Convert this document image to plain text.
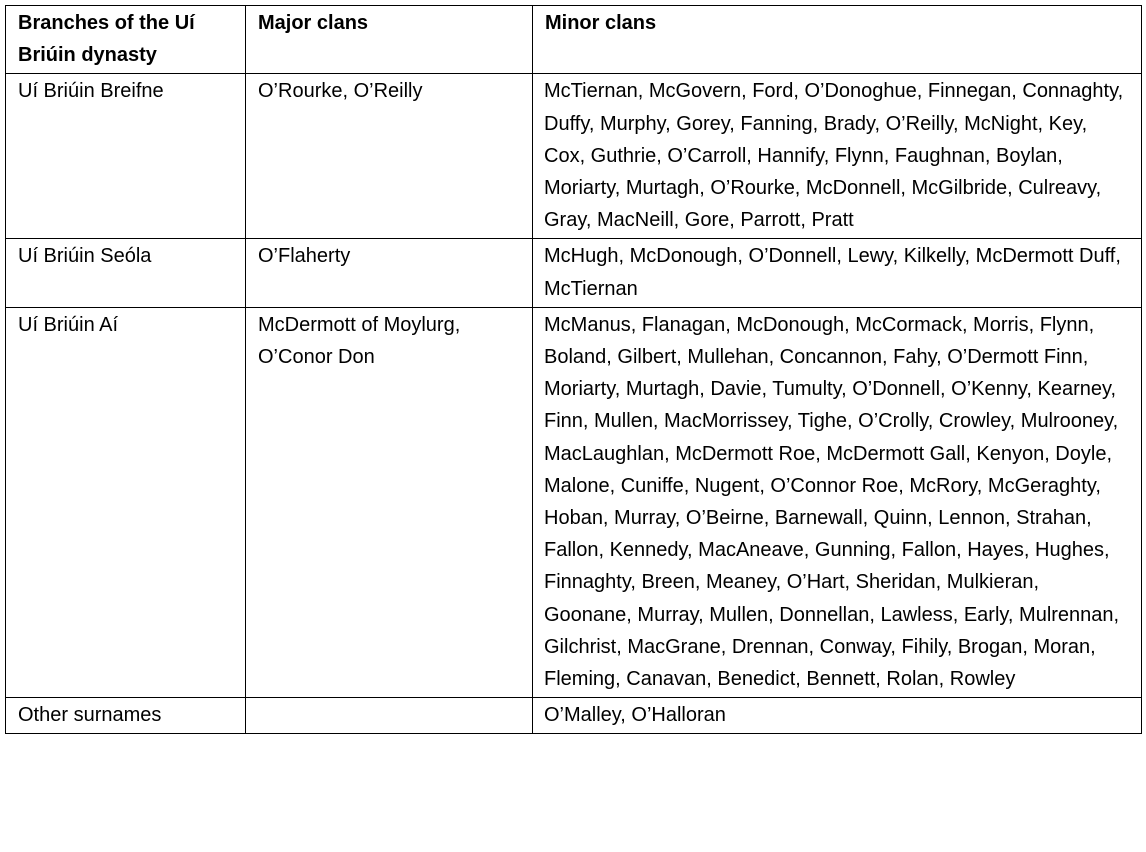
Branches of the Uí Briúin dynasty	Major clans	Minor clans
Uí Briúin Breifne	O’Rourke, O’Reilly	McTiernan, McGovern, Ford, O’Donoghue, Finnegan, Connaghty, Duffy, Murphy, Gorey, Fanning, Brady, O’Reilly, McNight, Key, Cox, Guthrie, O’Carroll, Hannify, Flynn, Faughnan, Boylan, Moriarty, Murtagh, O’Rourke, McDonnell, McGilbride, Culreavy, Gray, MacNeill, Gore, Parrott, Pratt
Uí Briúin Seóla	O’Flaherty	McHugh, McDonough, O’Donnell, Lewy, Kilkelly, McDermott Duff, McTiernan
Uí Briúin Aí	McDermott of Moylurg, O’Conor Don	McManus, Flanagan, McDonough, McCormack, Morris, Flynn, Boland, Gilbert, Mullehan, Concannon, Fahy, O’Dermott Finn, Moriarty, Murtagh, Davie, Tumulty, O’Donnell, O’Kenny, Kearney, Finn, Mullen, MacMorrissey, Tighe, O’Crolly, Crowley, Mulrooney, MacLaughlan, McDermott Roe, McDermott Gall, Kenyon, Doyle, Malone, Cuniffe, Nugent, O’Connor Roe, McRory, McGeraghty, Hoban, Murray, O’Beirne, Barnewall, Quinn, Lennon, Strahan, Fallon, Kennedy, MacAneave, Gunning, Fallon, Hayes, Hughes, Finnaghty, Breen, Meaney, O’Hart, Sheridan, Mulkieran, Goonane, Murray, Mullen, Donnellan, Lawless, Early, Mulrennan, Gilchrist, MacGrane, Drennan, Conway, Fihily, Brogan, Moran, Fleming, Canavan, Benedict, Bennett, Rolan, Rowley
Other surnames		O’Malley, O’Halloran
